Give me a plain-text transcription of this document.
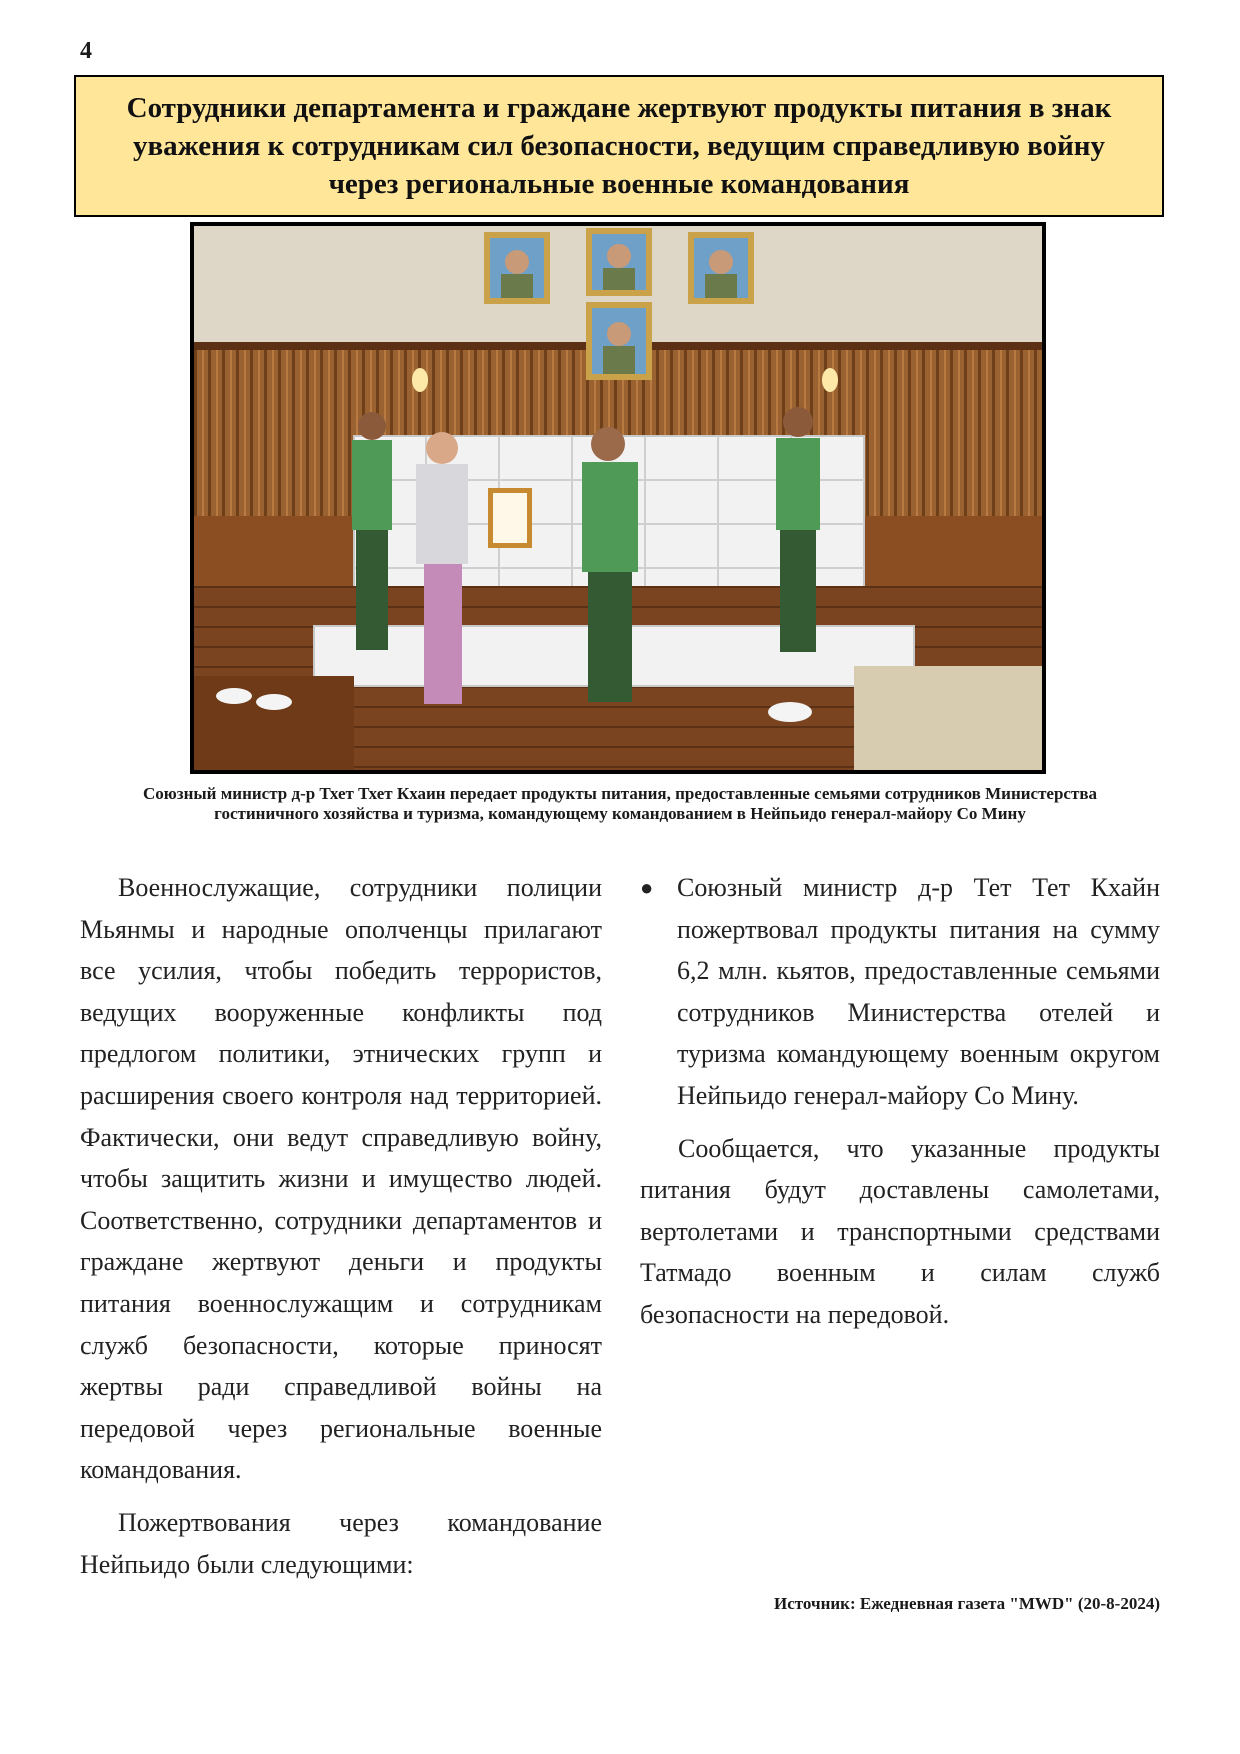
4
Сотрудники департамента и граждане жертвуют продукты питания в знак уважения к сотрудникам сил безопасности, ведущим справедливую войну через региональные военные командования
Союзный министр д-р Тхет Тхет Кхаин передает продукты питания, предоставленные семьями сотрудников Министерства гостиничного хозяйства и туризма, командующему командованием в Нейпьидо генерал-майору Со Мину

Военнослужащие, сотрудники полиции Мьянмы и народные ополченцы прилагают все усилия, чтобы победить террористов, ведущих вооруженные конфликты под предлогом политики, этнических групп и расширения своего контроля над территорией. Фактически, они ведут справедливую войну, чтобы защитить жизни и имущество людей. Соответственно, сотрудники департаментов и граждане жертвуют деньги и продукты питания военнослужащим и сотрудникам служб безопасности, которые приносят жертвы ради справедливой войны на передовой через региональные военные командования.

Пожертвования через командование Нейпьидо были следующими:

● Союзный министр д-р Тет Тет Кхайн пожертвовал продукты питания на сумму 6,2 млн. кьятов, предоставленные семьями сотрудников Министерства отелей и туризма командующему военным округом Нейпьидо генерал-майору Со Мину.

Сообщается, что указанные продукты питания будут доставлены самолетами, вертолетами и транспортными средствами Татмадо военным и силам служб безопасности на передовой.

Источник: Ежедневная газета "MWD" (20-8-2024)
